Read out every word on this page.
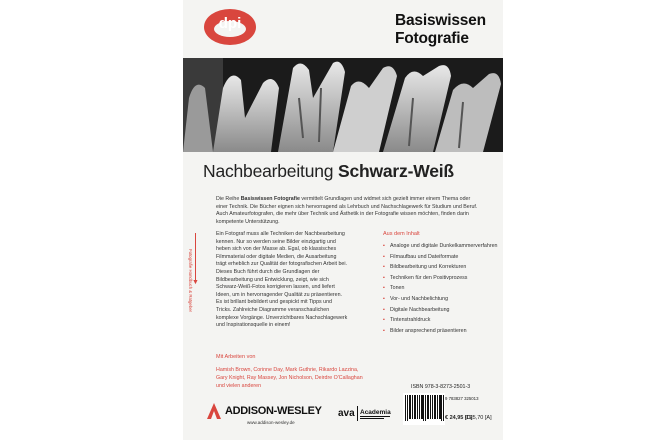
dpi	Basiswissen
Fotografie
Nachbearbeitung Schwarz-Weiß
Die Reihe Basiswissen Fotografie vermittelt Grundlagen und widmet sich gezielt immer einem Thema oder einer Technik. Die Bücher eignen sich hervorragend als Lehrbuch und Nachschlagewerk für Studium und Beruf. Auch Amateurfotografen, die mehr über Technik und Ästhetik in der Fotografie wissen möchten, finden darin kompetente Unterstützung.
▼
Fotografie Handbuch & Ratgeber

Ein Fotograf muss alle Techniken der Nachbearbeitung kennen. Nur so werden seine Bilder einzigartig und heben sich von der Masse ab. Egal, ob klassisches Filmmaterial oder digitale Medien, die Ausarbeitung trägt erheblich zur Qualität der fotografischen Arbeit bei.

Dieses Buch führt durch die Grundlagen der Bildbearbeitung und Entwicklung, zeigt, wie sich Schwarz-Weiß-Fotos korrigieren lassen, und liefert Ideen, um in hervorragender Qualität zu präsentieren. Es ist brillant bebildert und gespickt mit Tipps und Tricks. Zahlreiche Diagramme veranschaulichen komplexe Vorgänge. Unverzichtbares Nachschlagewerk und Inspirationsquelle in einem!

Aus dem Inhalt
▪ Analoge und digitale Dunkelkammerverfahren
▪ Filmaufbau und Dateiformate
▪ Bildbearbeitung und Korrekturen
▪ Techniken für den Positivprozess
▪ Tonen
▪ Vor- und Nachbelichtung
▪ Digitale Nachbearbeitung
▪ Tintenstrahldruck
▪ Bilder ansprechend präsentieren
Mit Arbeiten von
Hamish Brown, Corinne Day, Mark Guthrie, Rikardo Lazzina, Gary Knight, Ray Massey, Jon Nicholson, Deirdre O'Callaghan und vielen anderen
ADDISON-WESLEY
www.addison-wesley.de
ava Academia
ISBN 978-3-8273-2501-3
9 783827 325013
€ 24,95 [D]
€ 25,70 [A]
